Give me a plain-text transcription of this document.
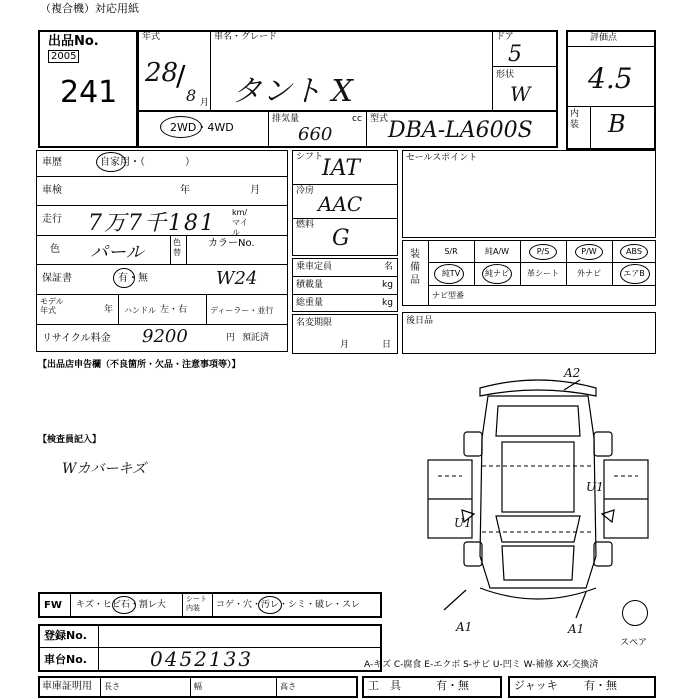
（複合機）対応用紙
出品No.
2005
241
年式
28
/
8 月
車名・グレード
タント X
ドア
5
形状
W
評価点
4.5
内装 B
2WD・4WD
排気量	cc
660
型式 DBA-LA600S
車歴	自家用・（　　　　）
車検	年	月
走行 7万7千181 km/マイル
色 パール	色替
カラーNo.
保証書	有・無	W24
モデル年式	年 ハンドル 左・右	ディーラー・並行
リサイクル料金 9200	円 預託済
シフト
IAT
冷房
AAC
燃料
G
乗車定員	名
積載量	kg
総重量	kg
名変期限
月	日
セールスポイント
装備品
S/R	純A/W	P/S	P/W	ABS
純TV	純ナビ	革シート	外ナビ	エアB
ナビ型番
後日品
【出品店申告欄（不良箇所・欠品・注意事項等）】
【検査員記入】
Wカバーキズ
A2
U1
U1
A1	A1
スペア
FW キズ・ヒビ石・割レ大
シート内装	コゲ・穴・汚レ・シミ・破レ・スレ
登録No.
車台No.	0452133
車庫証明用 長さ	幅	高さ
A-キズ C-腐食 E-エクボ S-サビ U-凹ミ W-補修 XX-交換済
工　具	有・無	ジャッキ 有・無
